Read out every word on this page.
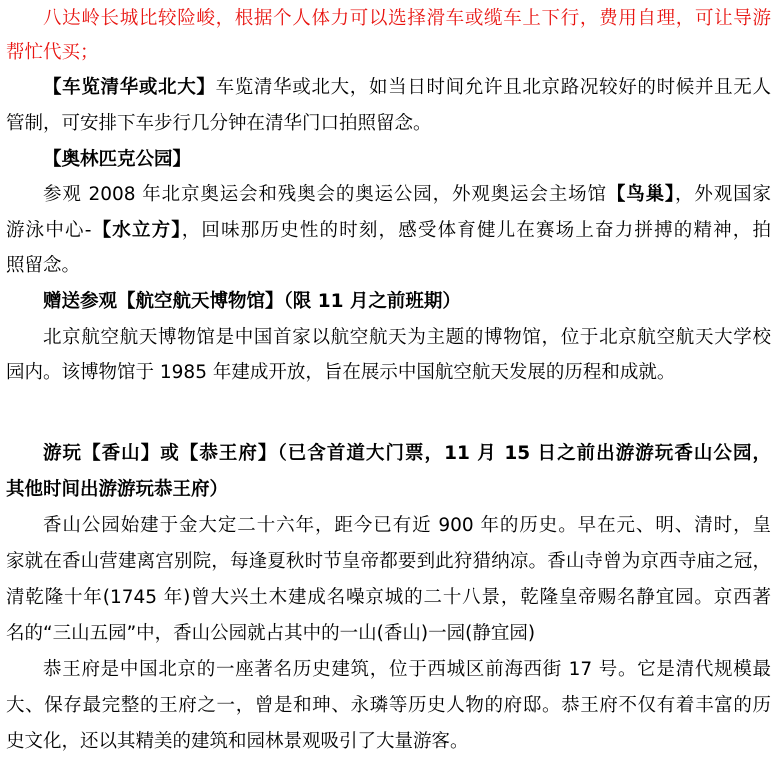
八达岭长城比较险峻，根据个人体力可以选择滑车或缆车上下行，费用自理，可让导游
帮忙代买；
【车览清华或北大】车览清华或北大，如当日时间允许且北京路况较好的时候并且无人
管制，可安排下车步行几分钟在清华门口拍照留念。
【奥林匹克公园】
参观 2008 年北京奥运会和残奥会的奥运公园，外观奥运会主场馆【鸟巢】，外观国家
游泳中心-【水立方】，回味那历史性的时刻，感受体育健儿在赛场上奋力拼搏的精神，拍
照留念。
赠送参观【航空航天博物馆】（限 11 月之前班期）
北京航空航天博物馆是中国首家以航空航天为主题的博物馆，位于北京航空航天大学校
园内。该博物馆于 1985 年建成开放，旨在展示中国航空航天发展的历程和成就。
游玩【香山】或【恭王府】（已含首道大门票，11 月 15 日之前出游游玩香山公园，
其他时间出游游玩恭王府）
香山公园始建于金大定二十六年，距今已有近 900 年的历史。早在元、明、清时，皇
家就在香山营建离宫别院，每逢夏秋时节皇帝都要到此狩猎纳凉。香山寺曾为京西寺庙之冠，
清乾隆十年(1745 年)曾大兴土木建成名噪京城的二十八景，乾隆皇帝赐名静宜园。京西著
名的“三山五园”中，香山公园就占其中的一山(香山)一园(静宜园)
恭王府是中国北京的一座著名历史建筑，位于西城区前海西街 17 号。它是清代规模最
大、保存最完整的王府之一，曾是和珅、永璘等历史人物的府邸。恭王府不仅有着丰富的历
史文化，还以其精美的建筑和园林景观吸引了大量游客。
